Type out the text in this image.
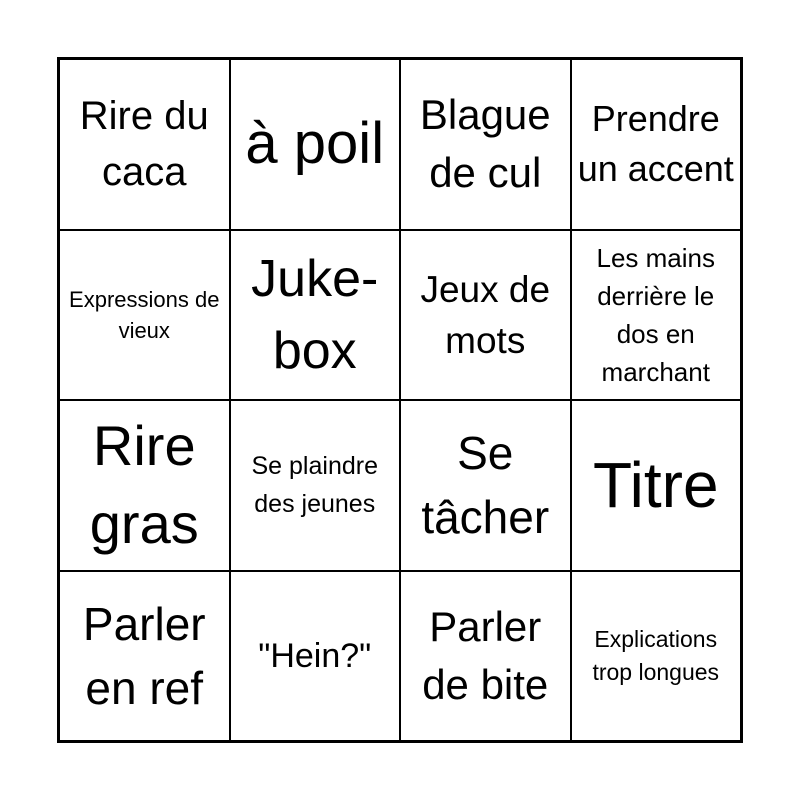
Rire du caca	à poil Blague de cul
Prendre un accent
Expressions de vieux
Juke-box
Jeux de mots
Les mains derrière le dos en marchant
Rire gras
Se plaindre des jeunes
Se tâcher Titre
Parler en ref
"Hein?"
Parler de bite
Explications trop longues
